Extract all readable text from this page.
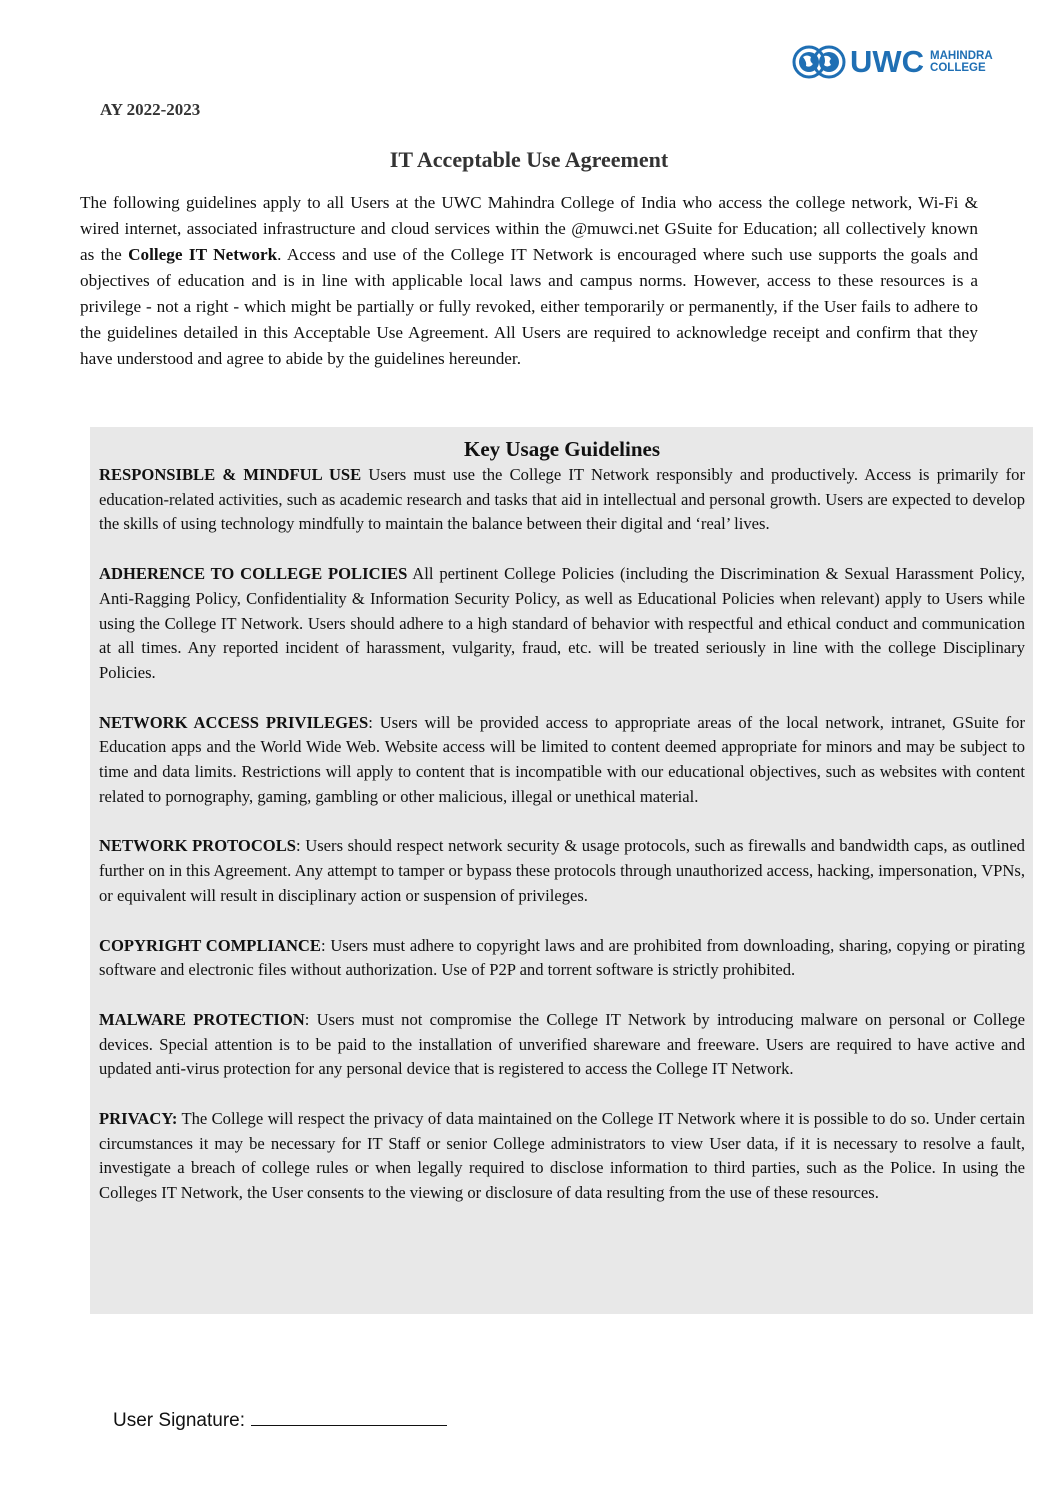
UWC MAHINDRA
COLLEGE
AY 2022-2023
IT Acceptable Use Agreement

The following guidelines apply to all Users at the UWC Mahindra College of India who access the college network, Wi-Fi & wired internet, associated infrastructure and cloud services within the @muwci.net GSuite for Education; all collectively known as the College IT Network. Access and use of the College IT Network is encouraged where such use supports the goals and objectives of education and is in line with applicable local laws and campus norms. However, access to these resources is a privilege - not a right - which might be partially or fully revoked, either temporarily or permanently, if the User fails to adhere to the guidelines detailed in this Acceptable Use Agreement. All Users are required to acknowledge receipt and confirm that they have understood and agree to abide by the guidelines hereunder.

Key Usage Guidelines

RESPONSIBLE & MINDFUL USE Users must use the College IT Network responsibly and productively. Access is primarily for education-related activities, such as academic research and tasks that aid in intellectual and personal growth. Users are expected to develop the skills of using technology mindfully to maintain the balance between their digital and ‘real’ lives.

ADHERENCE TO COLLEGE POLICIES All pertinent College Policies (including the Discrimination & Sexual Harassment Policy, Anti-Ragging Policy, Confidentiality & Information Security Policy, as well as Educational Policies when relevant) apply to Users while using the College IT Network. Users should adhere to a high standard of behavior with respectful and ethical conduct and communication at all times. Any reported incident of harassment, vulgarity, fraud, etc. will be treated seriously in line with the college Disciplinary Policies.

NETWORK ACCESS PRIVILEGES: Users will be provided access to appropriate areas of the local network, intranet, GSuite for Education apps and the World Wide Web. Website access will be limited to content deemed appropriate for minors and may be subject to time and data limits. Restrictions will apply to content that is incompatible with our educational objectives, such as websites with content related to pornography, gaming, gambling or other malicious, illegal or unethical material.

NETWORK PROTOCOLS: Users should respect network security & usage protocols, such as firewalls and bandwidth caps, as outlined further on in this Agreement. Any attempt to tamper or bypass these protocols through unauthorized access, hacking, impersonation, VPNs, or equivalent will result in disciplinary action or suspension of privileges.

COPYRIGHT COMPLIANCE: Users must adhere to copyright laws and are prohibited from downloading, sharing, copying or pirating software and electronic files without authorization. Use of P2P and torrent software is strictly prohibited.

MALWARE PROTECTION: Users must not compromise the College IT Network by introducing malware on personal or College devices. Special attention is to be paid to the installation of unverified shareware and freeware. Users are required to have active and updated anti-virus protection for any personal device that is registered to access the College IT Network.

PRIVACY: The College will respect the privacy of data maintained on the College IT Network where it is possible to do so. Under certain circumstances it may be necessary for IT Staff or senior College administrators to view User data, if it is necessary to resolve a fault, investigate a breach of college rules or when legally required to disclose information to third parties, such as the Police. In using the Colleges IT Network, the User consents to the viewing or disclosure of data resulting from the use of these resources.

User Signature:
